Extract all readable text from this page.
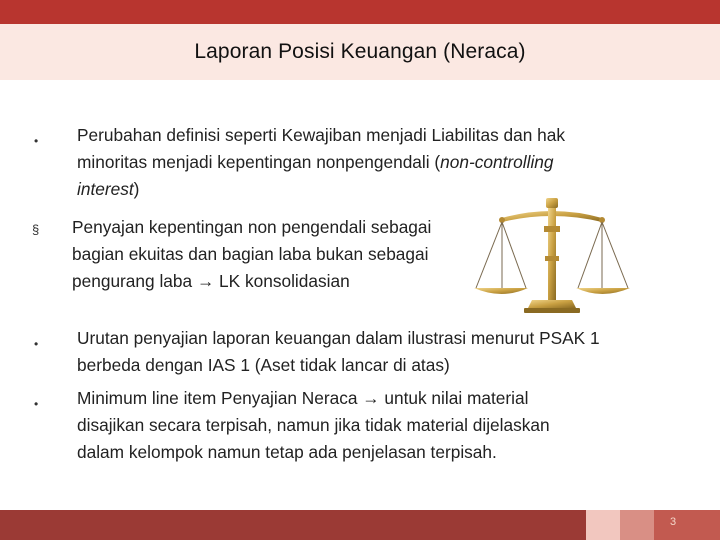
Laporan Posisi Keuangan (Neraca)
• Perubahan definisi seperti Kewajiban menjadi Liabilitas dan hak
minoritas menjadi kepentingan nonpengendali (non-controlling
interest)
§ Penyajan kepentingan non pengendali sebagai
bagian ekuitas dan bagian laba bukan sebagai
pengurang laba → LK konsolidasian
• Urutan penyajian laporan keuangan dalam ilustrasi menurut PSAK 1
berbeda dengan IAS 1 (Aset tidak lancar di atas)
• Minimum line item Penyajian Neraca → untuk nilai material
disajikan secara terpisah, namun jika tidak material dijelaskan
dalam kelompok namun tetap ada penjelasan terpisah.
3
